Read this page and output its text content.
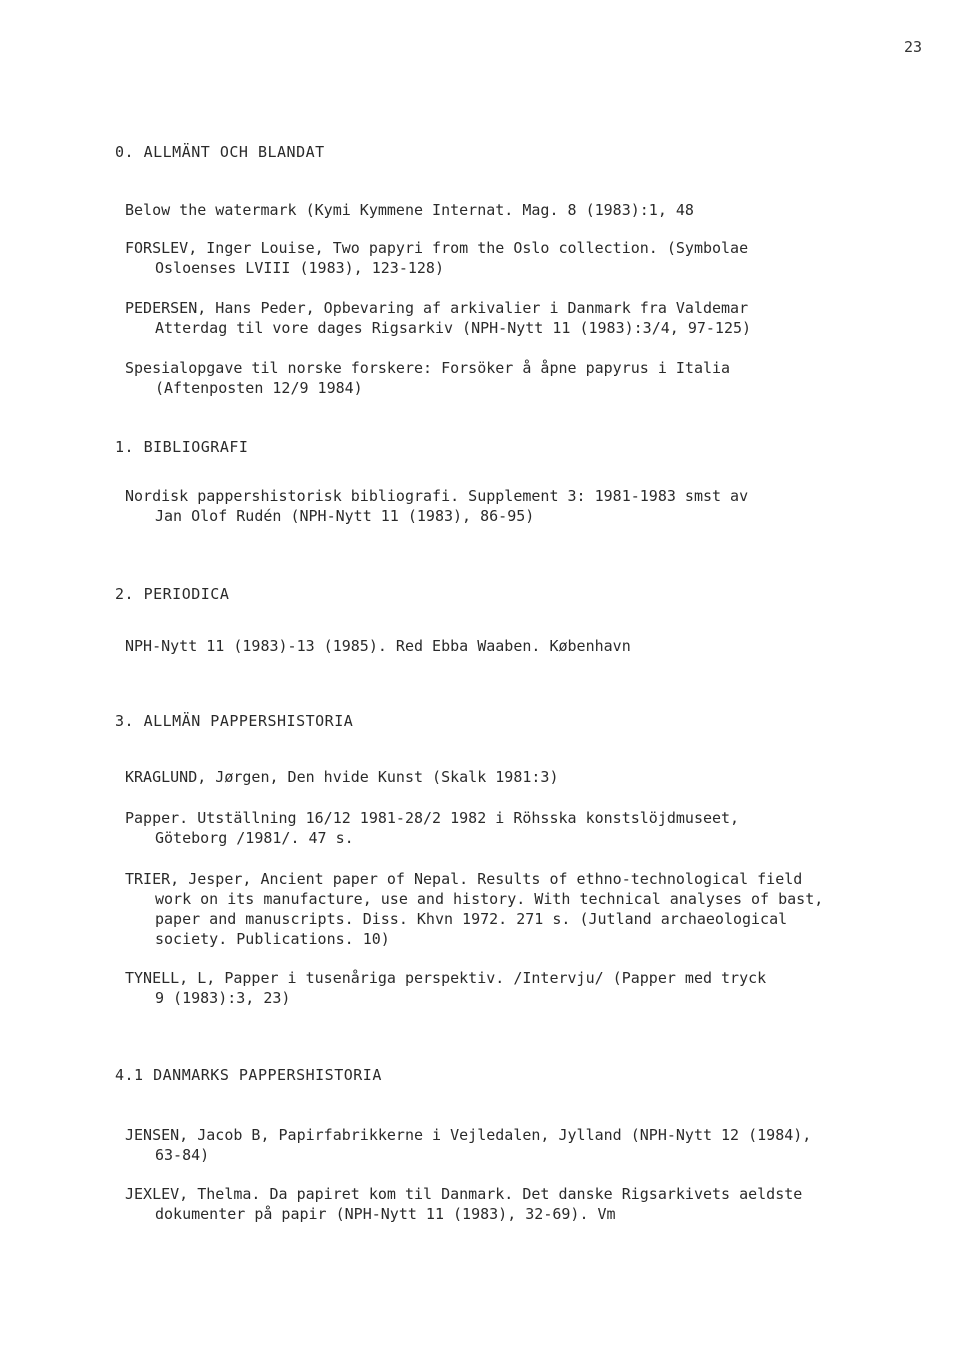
23
0. ALLMÄNT OCH BLANDAT
Below the watermark (Kymi Kymmene Internat. Mag. 8 (1983):1, 48
FORSLEV, Inger Louise, Two papyri from the Oslo collection. (Symbolae
Osloenses LVIII (1983), 123-128)
PEDERSEN, Hans Peder, Opbevaring af arkivalier i Danmark fra Valdemar
Atterdag til vore dages Rigsarkiv (NPH-Nytt 11 (1983):3/4, 97-125)
Spesialopgave til norske forskere: Forsöker å åpne papyrus i Italia
(Aftenposten 12/9 1984)
1. BIBLIOGRAFI
Nordisk pappershistorisk bibliografi. Supplement 3: 1981-1983 smst av
Jan Olof Rudén (NPH-Nytt 11 (1983), 86-95)
2. PERIODICA
NPH-Nytt 11 (1983)-13 (1985). Red Ebba Waaben. København
3. ALLMÄN PAPPERSHISTORIA
KRAGLUND, Jørgen, Den hvide Kunst (Skalk 1981:3)
Papper. Utställning 16/12 1981-28/2 1982 i Röhsska konstslöjdmuseet,
Göteborg /1981/. 47 s.
TRIER, Jesper, Ancient paper of Nepal. Results of ethno-technological field
work on its manufacture, use and history. With technical analyses of bast,
paper and manuscripts. Diss. Khvn 1972. 271 s. (Jutland archaeological
society. Publications. 10)
TYNELL, L, Papper i tusenåriga perspektiv. /Intervju/ (Papper med tryck
9 (1983):3, 23)
4.1 DANMARKS PAPPERSHISTORIA
JENSEN, Jacob B, Papirfabrikkerne i Vejledalen, Jylland (NPH-Nytt 12 (1984),
63-84)
JEXLEV, Thelma. Da papiret kom til Danmark. Det danske Rigsarkivets aeldste
dokumenter på papir (NPH-Nytt 11 (1983), 32-69). Vm
